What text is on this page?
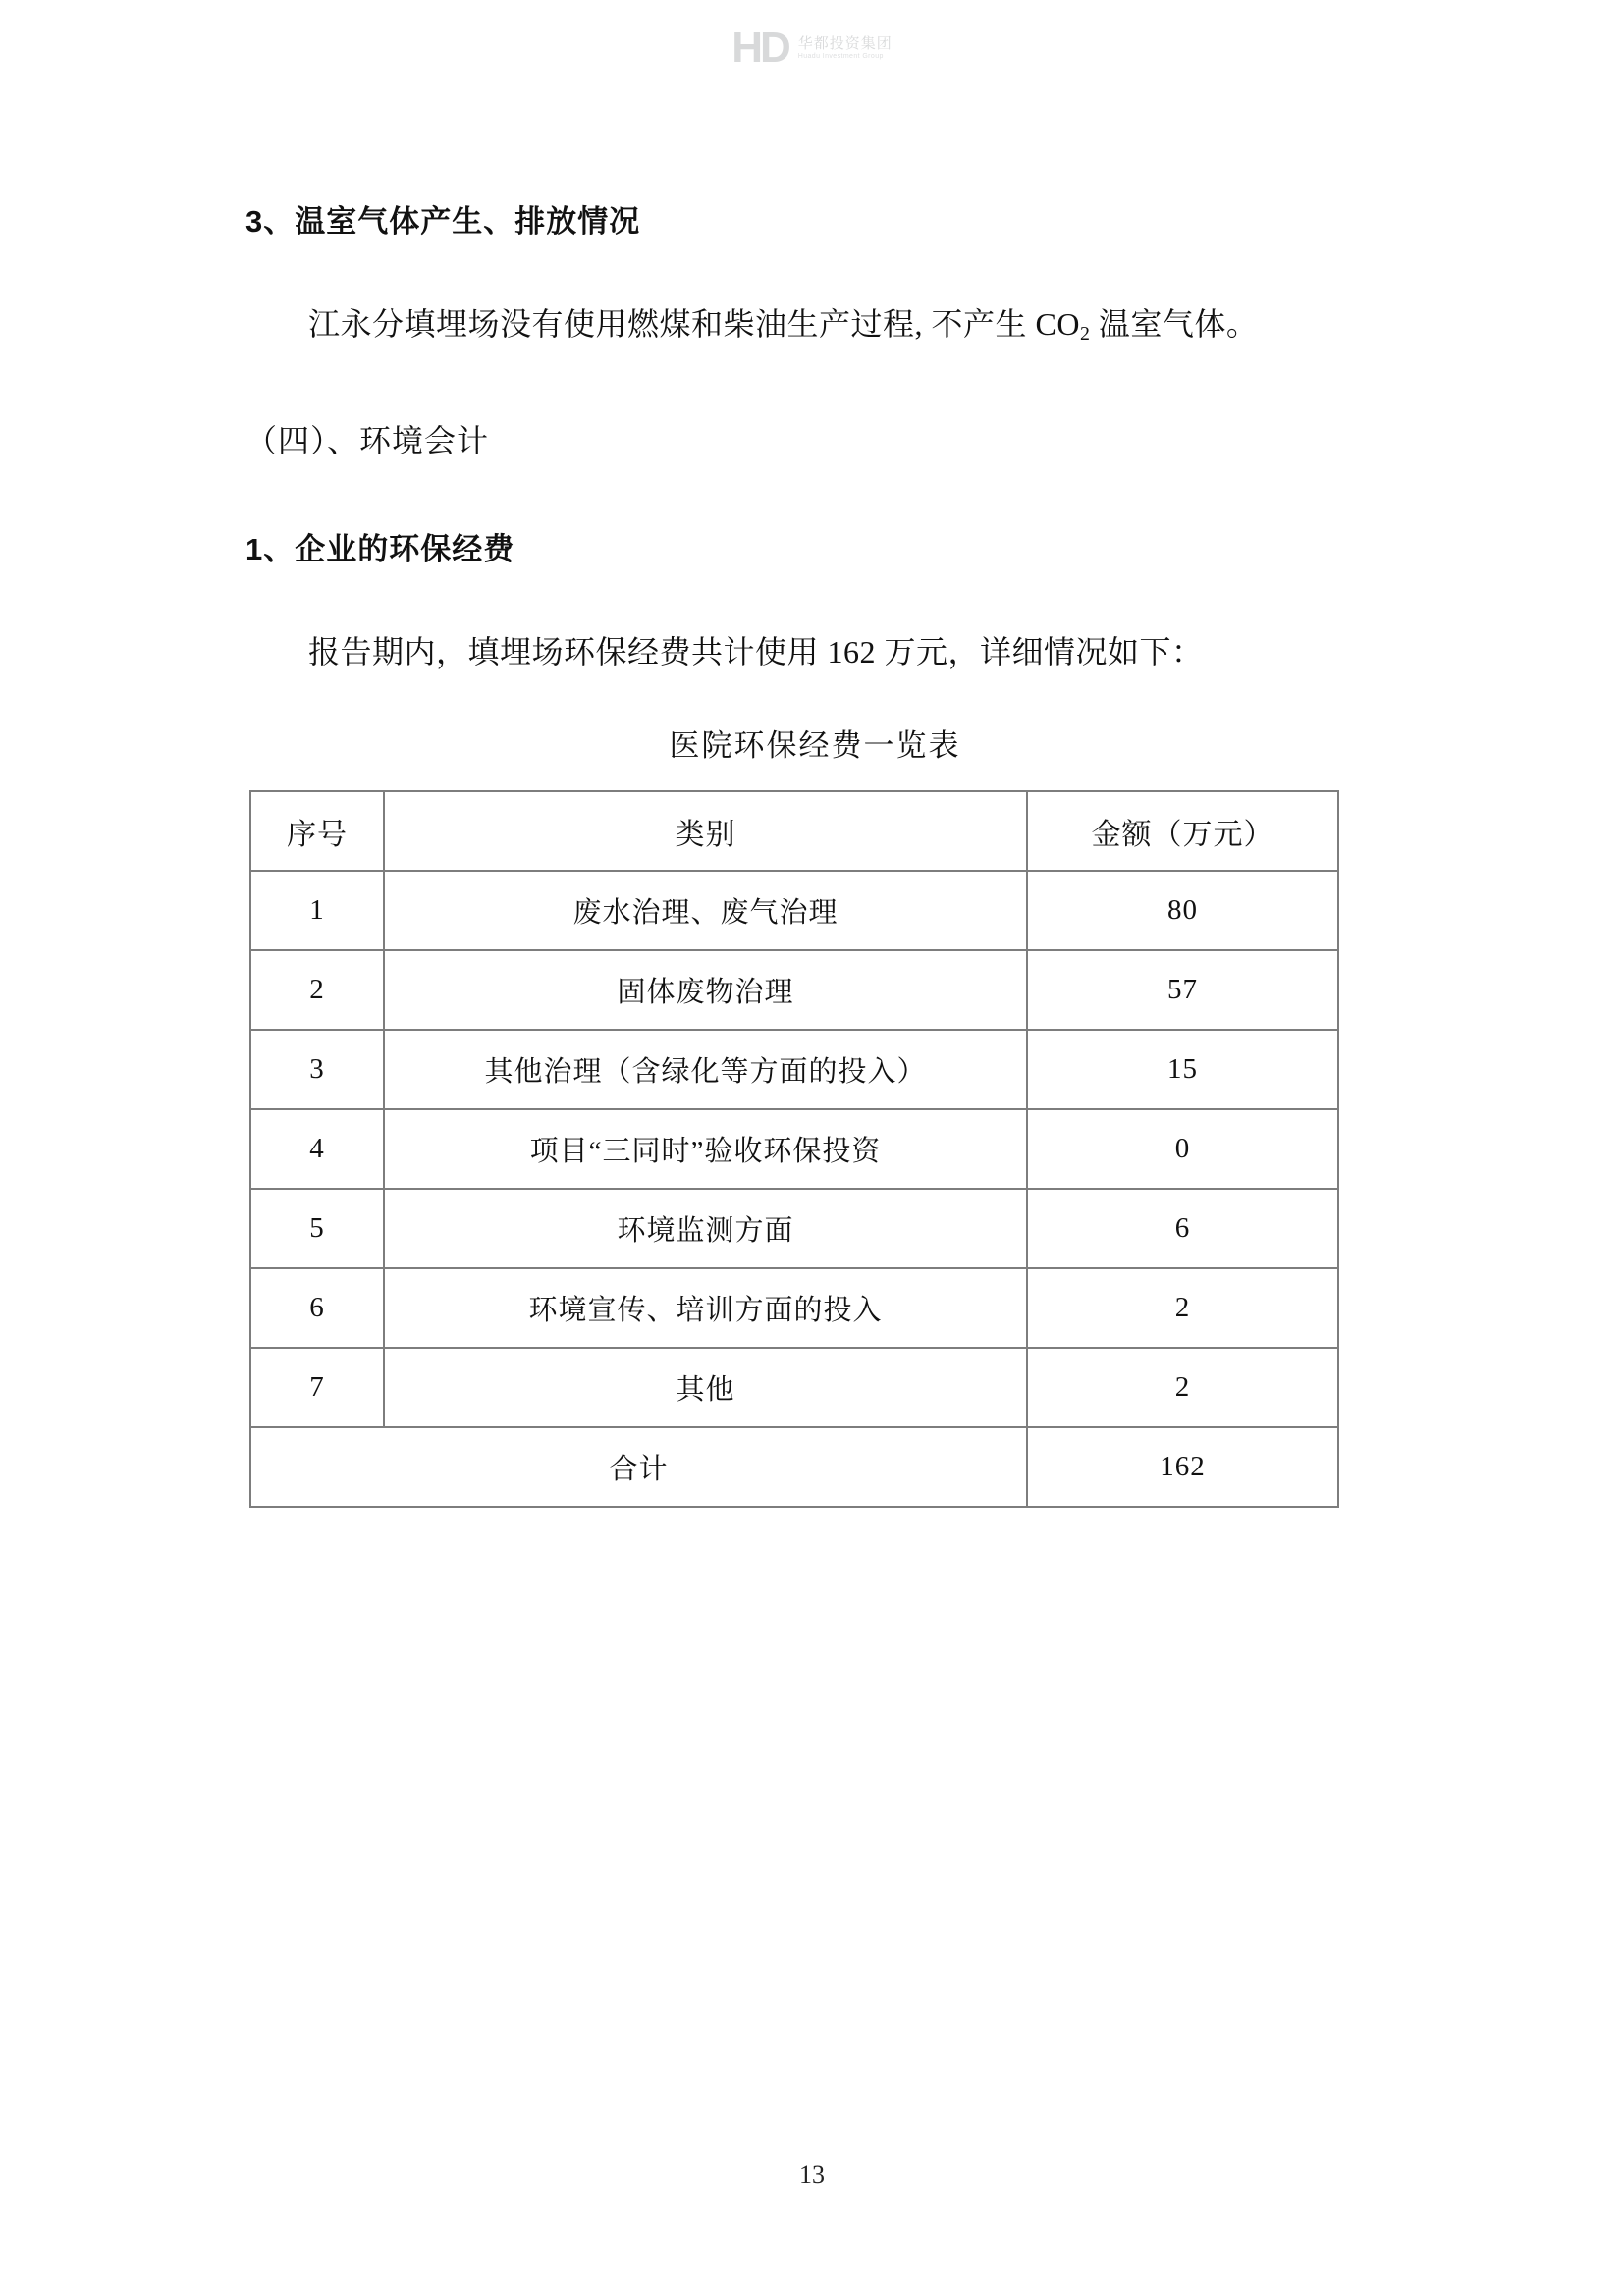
HD 华都投资集团
Huadu Investment Group
3、温室气体产生、排放情况

江永分填埋场没有使用燃煤和柴油生产过程, 不产生 $CO_2$ 温室气体。

（四）、环境会计

1、企业的环保经费

报告期内，填埋场环保经费共计使用 162 万元，详细情况如下：

医院环保经费一览表

序号	类别	金额（万元）
1	废水治理、废气治理	80
2	固体废物治理	57
3	其他治理（含绿化等方面的投入）	15
4	项目“三同时”验收环保投资	0
5	环境监测方面	6
6	环境宣传、培训方面的投入	2
7	其他	2
合计		162
13
